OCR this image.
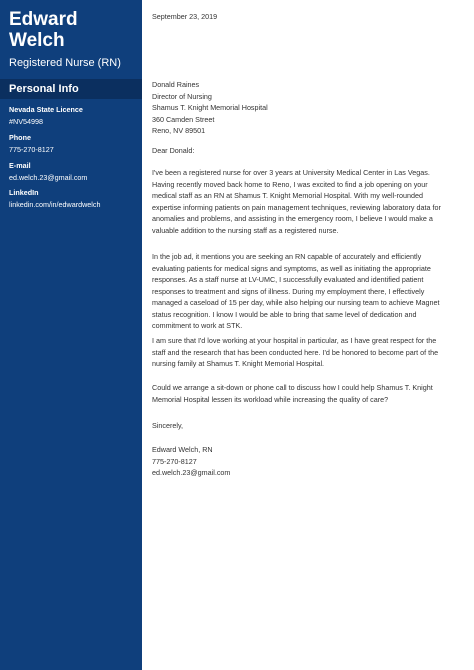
Edward
Welch
Registered Nurse (RN)
Personal Info
Nevada State Licence
#NV54998
Phone
775-270-8127
E-mail
ed.welch.23@gmail.com
LinkedIn
linkedin.com/in/edwardwelch
September 23, 2019
Donald Raines
Director of Nursing
Shamus T. Knight Memorial Hospital
360 Camden Street
Reno, NV 89501
Dear Donald:
I've been a registered nurse for over 3 years at University Medical Center in Las Vegas. Having recently moved back home to Reno, I was excited to find a job opening on your medical staff as an RN at Shamus T. Knight Memorial Hospital. With my well-rounded expertise informing patients on pain management techniques, reviewing laboratory data for anomalies and problems, and assisting in the emergency room, I believe I would make a valuable addition to the nursing staff as a registered nurse.
In the job ad, it mentions you are seeking an RN capable of accurately and efficiently evaluating patients for medical signs and symptoms, as well as initiating the appropriate responses. As a staff nurse at LV-UMC, I successfully evaluated and identified patient responses to treatment and signs of illness. During my employment there, I effectively managed a caseload of 15 per day, while also helping our nursing team to achieve Magnet status recognition. I know I would be able to bring that same level of dedication and commitment to work at STK.
I am sure that I'd love working at your hospital in particular, as I have great respect for the staff and the research that has been conducted here. I'd be honored to become part of the nursing family at Shamus T. Knight Memorial Hospital.
Could we arrange a sit-down or phone call to discuss how I could help Shamus T. Knight Memorial Hospital lessen its workload while increasing the quality of care?
Sincerely,
Edward Welch, RN
775-270-8127
ed.welch.23@gmail.com
